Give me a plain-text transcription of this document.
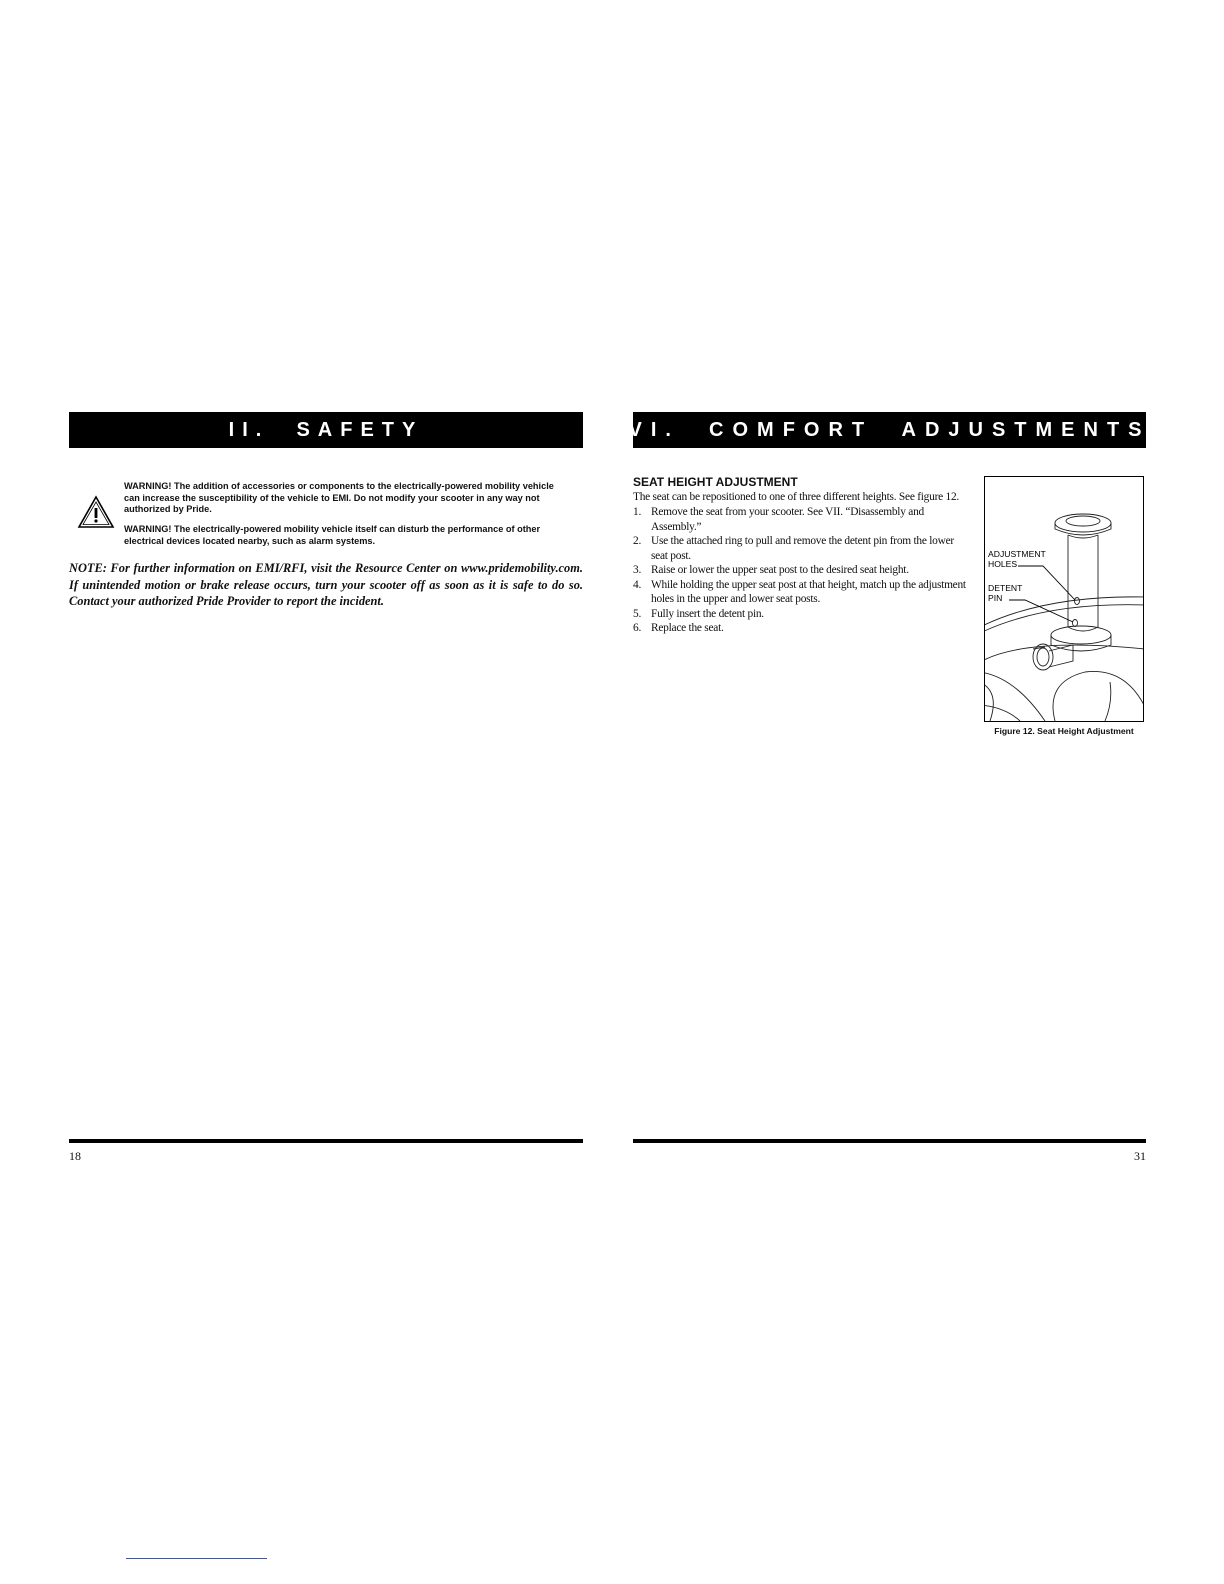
II.  SAFETY	VI.  COMFORT  ADJUSTMENTS
WARNING! The addition of accessories or components to the electrically-powered mobility vehicle can increase the susceptibility of the vehicle to EMI. Do not modify your scooter in any way not authorized by Pride.
WARNING! The electrically-powered mobility vehicle itself can disturb the performance of other electrical devices located nearby, such as alarm systems.
NOTE: For further information on EMI/RFI, visit the Resource Center on www.pridemobility.com. If unintended motion or brake release occurs, turn your scooter off as soon as it is safe to do so. Contact your authorized Pride Provider to report the incident.
SEAT HEIGHT ADJUSTMENT
The seat can be repositioned to one of three different heights. See figure 12.
1. Remove the seat from your scooter. See VII. “Disassembly and Assembly.”
2. Use the attached ring to pull and remove the detent pin from the lower seat post.
3. Raise or lower the upper seat post to the desired seat height.
4. While holding the upper seat post at that height, match up the adjustment holes in the upper and lower seat posts.
5. Fully insert the detent pin.
6. Replace the seat.
ADJUSTMENT
HOLES
DETENT
PIN
Figure 12. Seat Height Adjustment
18	31
